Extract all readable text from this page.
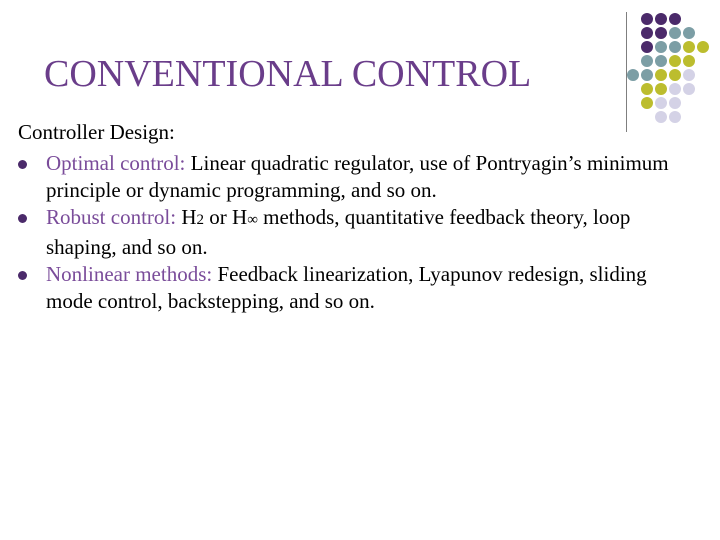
CONVENTIONAL CONTROL
Controller Design:
Optimal control: Linear quadratic regulator, use of Pontryagin’s minimum principle or dynamic programming, and so on.
Robust control: H2 or H∞ methods, quantitative feedback theory, loop shaping, and so on.
Nonlinear methods: Feedback linearization, Lyapunov redesign, sliding mode control, backstepping, and so on.
